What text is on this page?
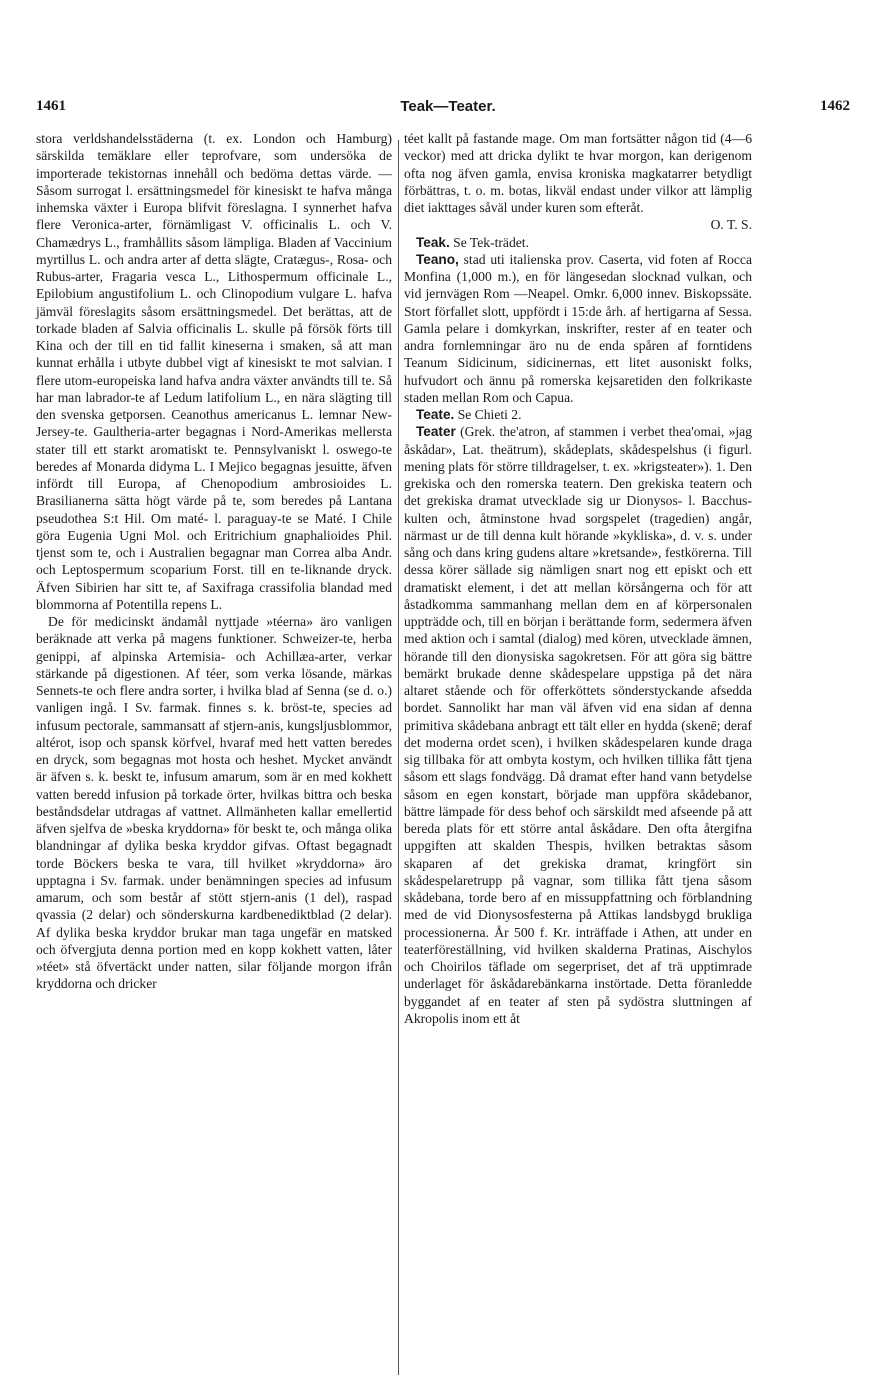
1461	Teak—Teater.	1462

stora verldshandelsstäderna (t. ex. London och Hamburg) särskilda temäklare eller teprofvare, som undersöka de importerade tekistornas innehåll och bedöma dettas värde. — Såsom surrogat l. ersättningsmedel för kinesiskt te hafva många inhemska växter i Europa blifvit föreslagna. I synnerhet hafva flere Veronica-arter, förnämligast V. officinalis L. och V. Chamædrys L., framhållits såsom lämpliga. Bladen af Vaccinium myrtillus L. och andra arter af detta slägte, Cratægus-, Rosa- och Rubus-arter, Fragaria vesca L., Lithospermum officinale L., Epilobium angustifolium L. och Clinopodium vulgare L. hafva jämväl föreslagits såsom ersättningsmedel. Det berättas, att de torkade bladen af Salvia officinalis L. skulle på försök förts till Kina och der till en tid fallit kineserna i smaken, så att man kunnat erhålla i utbyte dubbel vigt af kinesiskt te mot salvian. I flere utom-europeiska land hafva andra växter användts till te. Så har man labrador-te af Ledum latifolium L., en nära slägting till den svenska getporsen. Ceanothus americanus L. lemnar New-Jersey-te. Gaultheria-arter begagnas i Nord-Amerikas mellersta stater till ett starkt aromatiskt te. Pennsylvaniskt l. oswego-te beredes af Monarda didyma L. I Mejico begagnas jesuitte, äfven infördt till Europa, af Chenopodium ambrosioides L. Brasilianerna sätta högt värde på te, som beredes på Lantana pseudothea S:t Hil. Om maté- l. paraguay-te se Maté. I Chile göra Eugenia Ugni Mol. och Eritrichium gnaphalioides Phil. tjenst som te, och i Australien begagnar man Correa alba Andr. och Leptospermum scoparium Forst. till en te-liknande dryck. Äfven Sibirien har sitt te, af Saxifraga crassifolia blandad med blommorna af Potentilla repens L.

De för medicinskt ändamål nyttjade »téerna» äro vanligen beräknade att verka på magens funktioner. Schweizer-te, herba genippi, af alpinska Artemisia- och Achillæa-arter, verkar stärkande på digestionen. Af téer, som verka lösande, märkas Sennets-te och flere andra sorter, i hvilka blad af Senna (se d. o.) vanligen ingå. I Sv. farmak. finnes s. k. bröst-te, species ad infusum pectorale, sammansatt af stjern-anis, kungsljusblommor, altérot, isop och spansk körfvel, hvaraf med hett vatten beredes en dryck, som begagnas mot hosta och heshet. Mycket användt är äfven s. k. beskt te, infusum amarum, som är en med kokhett vatten beredd infusion på torkade örter, hvilkas bittra och beska beståndsdelar utdragas af vattnet. Allmänheten kallar emellertid äfven sjelfva de »beska kryddorna» för beskt te, och många olika blandningar af dylika beska kryddor gifvas. Oftast begagnadt torde Böckers beska te vara, till hvilket »kryddorna» äro upptagna i Sv. farmak. under benämningen species ad infusum amarum, och som består af stött stjern-anis (1 del), raspad qvassia (2 delar) och sönderskurna kardbenediktblad (2 delar). Af dylika beska kryddor brukar man taga ungefär en matsked och öfvergjuta denna portion med en kopp kokhett vatten, låter »téet» stå öfvertäckt under natten, silar följande morgon ifrån kryddorna och dricker

téet kallt på fastande mage. Om man fortsätter någon tid (4—6 veckor) med att dricka dylikt te hvar morgon, kan derigenom ofta nog äfven gamla, envisa kroniska magkatarrer betydligt förbättras, t. o. m. botas, likväl endast under vilkor att lämplig diet iakttages såväl under kuren som efteråt.
O. T. S.

Teak. Se Tek-trädet.

Teano, stad uti italienska prov. Caserta, vid foten af Rocca Monfina (1,000 m.), en för längesedan slocknad vulkan, och vid jernvägen Rom —Neapel. Omkr. 6,000 innev. Biskopssäte. Stort förfallet slott, uppfördt i 15:de årh. af hertigarna af Sessa. Gamla pelare i domkyrkan, inskrifter, rester af en teater och andra fornlemningar äro nu de enda spåren af forntidens Teanum Sidicinum, sidicinernas, ett litet ausoniskt folks, hufvudort och ännu på romerska kejsaretiden den folkrikaste staden mellan Rom och Capua.

Teate. Se Chieti 2.

Teater (Grek. the'atron, af stammen i verbet thea'omai, »jag åskådar», Lat. theätrum), skådeplats, skådespelshus (i figurl. mening plats för större tilldragelser, t. ex. »krigsteater»). 1. Den grekiska och den romerska teatern. Den grekiska teatern och det grekiska dramat utvecklade sig ur Dionysos- l. Bacchus-kulten och, åtminstone hvad sorgspelet (tragedien) angår, närmast ur de till denna kult hörande »kykliska», d. v. s. under sång och dans kring gudens altare »kretsande», festkörerna. Till dessa körer sällade sig nämligen snart nog ett episkt och ett dramatiskt element, i det att mellan körsångerna och för att åstadkomma sammanhang mellan dem en af körpersonalen uppträdde och, till en början i berättande form, sedermera äfven med aktion och i samtal (dialog) med kören, utvecklade ämnen, hörande till den dionysiska sagokretsen. För att göra sig bättre bemärkt brukade denne skådespelare uppstiga på det nära altaret stående och för offerköttets sönderstyckande afsedda bordet. Sannolikt har man väl äfven vid ena sidan af denna primitiva skådebana anbragt ett tält eller en hydda (skenē; deraf det moderna ordet scen), i hvilken skådespelaren kunde draga sig tillbaka för att ombyta kostym, och hvilken tillika fått tjena såsom ett slags fondvägg. Då dramat efter hand vann betydelse såsom en egen konstart, började man uppföra skådebanor, bättre lämpade för dess behof och särskildt med afseende på att bereda plats för ett större antal åskådare. Den ofta återgifna uppgiften att skalden Thespis, hvilken betraktas såsom skaparen af det grekiska dramat, kringfört sin skådespelaretrupp på vagnar, som tillika fått tjena såsom skådebana, torde bero af en missuppfattning och förblandning med de vid Dionysosfesterna på Attikas landsbygd brukliga processionerna. År 500 f. Kr. inträffade i Athen, att under en teaterföreställning, vid hvilken skalderna Pratinas, Aischylos och Choirilos täflade om segerpriset, det af trä upptimrade underlaget för åskådarebänkarna instörtade. Detta föranledde byggandet af en teater af sten på sydöstra sluttningen af Akropolis inom ett åt
